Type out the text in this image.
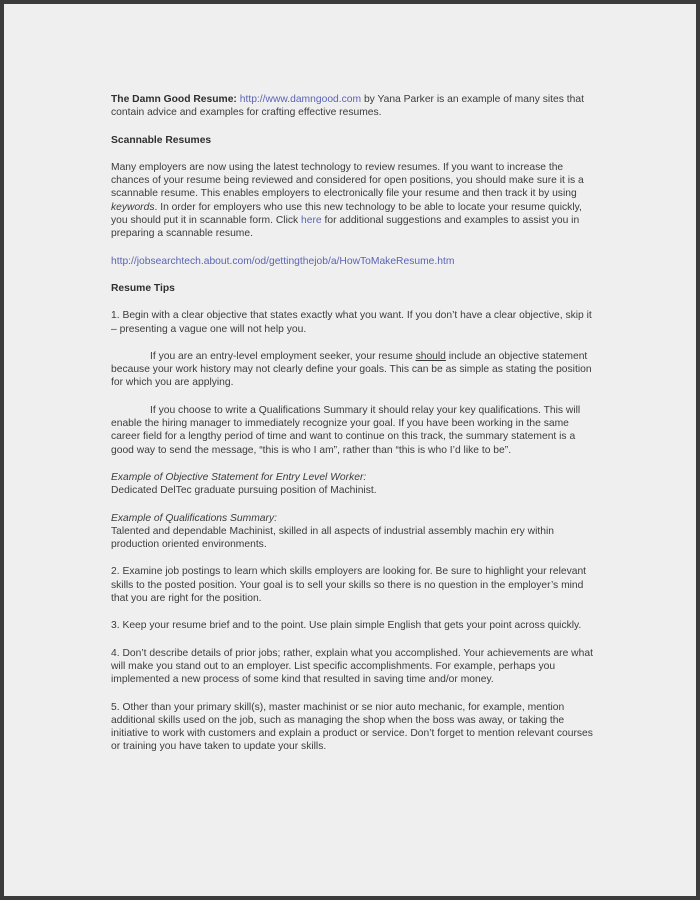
The Damn Good Resume: http://www.damngood.com by Yana Parker is an example of many sites that contain advice and examples for crafting effective resumes.

Scannable Resumes

Many employers are now using the latest technology to review resumes. If you want to increase the chances of your resume being reviewed and considered for open positions, you should make sure it is a scannable resume. This enables employers to electronically file your resume and then track it by using keywords. In order for employers who use this new technology to be able to locate your resume quickly, you should put it in scannable form. Click here for additional suggestions and examples to assist you in preparing a scannable resume.

http://jobsearchtech.about.com/od/gettingthejob/a/HowToMakeResume.htm

Resume Tips

1. Begin with a clear objective that states exactly what you want. If you don’t have a clear objective, skip it – presenting a vague one will not help you.

If you are an entry-level employment seeker, your resume should include an objective statement because your work history may not clearly define your goals. This can be as simple as stating the position for which you are applying.

If you choose to write a Qualifications Summary it should relay your key qualifications. This will enable the hiring manager to immediately recognize your goal. If you have been working in the same career field for a lengthy period of time and want to continue on this track, the summary statement is a good way to send the message, “this is who I am”, rather than “this is who I’d like to be”.

Example of Objective Statement for Entry Level Worker:

Dedicated DelTec graduate pursuing position of Machinist.

Example of Qualifications Summary:

Talented and dependable Machinist, skilled in all aspects of industrial assembly machin ery within production oriented environments.

2. Examine job postings to learn which skills employers are looking for. Be sure to highlight your relevant skills to the posted position. Your goal is to sell your skills so there is no question in the employer’s mind that you are right for the position.

3. Keep your resume brief and to the point. Use plain simple English that gets your point across quickly.

4. Don’t describe details of prior jobs; rather, explain what you accomplished. Your achievements are what will make you stand out to an employer. List specific accomplishments. For example, perhaps you implemented a new process of some kind that resulted in saving time and/or money.

5. Other than your primary skill(s), master machinist or se nior auto mechanic, for example, mention additional skills used on the job, such as managing the shop when the boss was away, or taking the initiative to work with customers and explain a product or service. Don’t forget to mention relevant courses or training you have taken to update your skills.
